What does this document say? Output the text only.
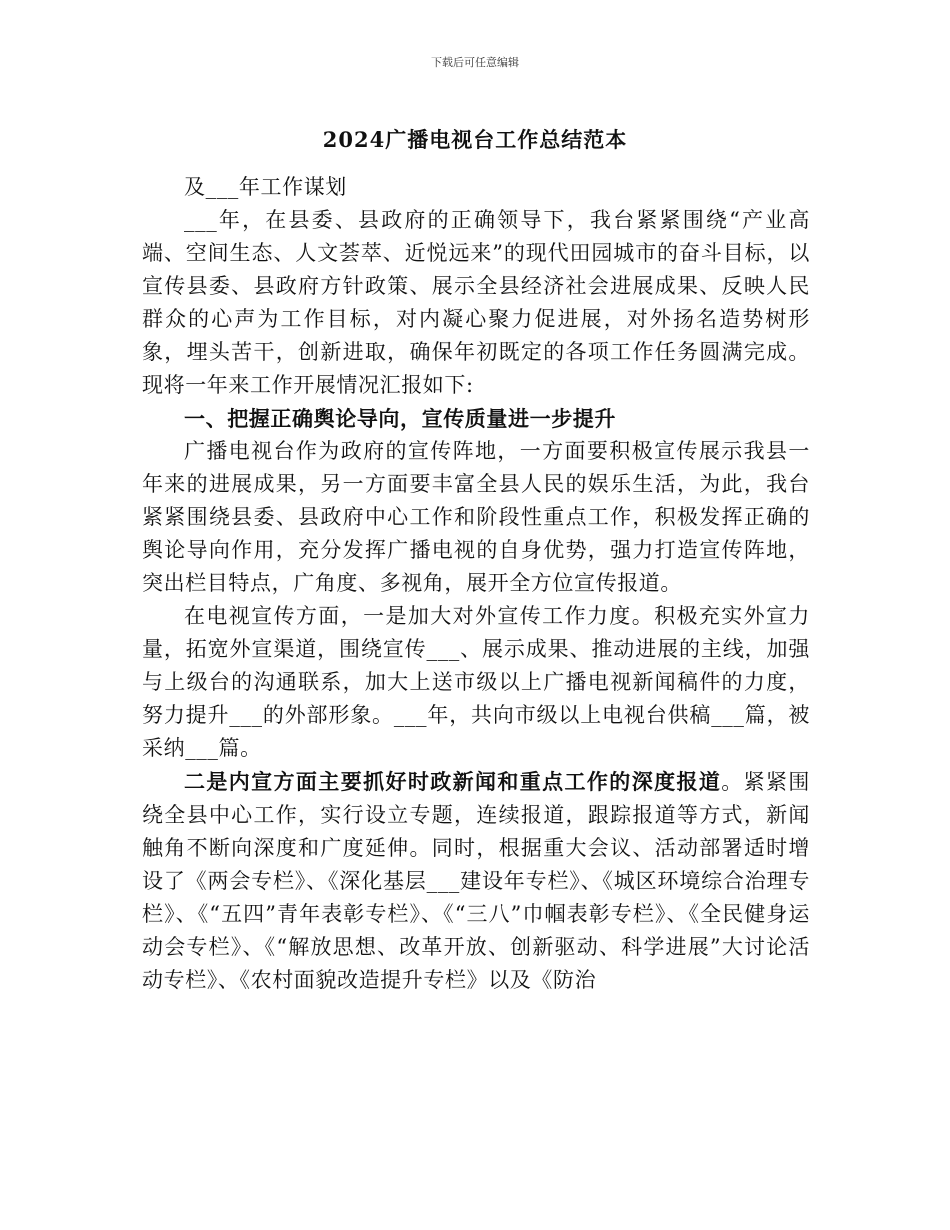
下载后可任意编辑
2024广播电视台工作总结范本

及___年工作谋划

___年，在县委、县政府的正确领导下，我台紧紧围绕“产业高端、空间生态、人文荟萃、近悦远来”的现代田园城市的奋斗目标，以宣传县委、县政府方针政策、展示全县经济社会进展成果、反映人民群众的心声为工作目标，对内凝心聚力促进展，对外扬名造势树形象，埋头苦干，创新进取，确保年初既定的各项工作任务圆满完成。现将一年来工作开展情况汇报如下:

一、把握正确舆论导向，宣传质量进一步提升

广播电视台作为政府的宣传阵地，一方面要积极宣传展示我县一年来的进展成果，另一方面要丰富全县人民的娱乐生活，为此，我台紧紧围绕县委、县政府中心工作和阶段性重点工作，积极发挥正确的舆论导向作用，充分发挥广播电视的自身优势，强力打造宣传阵地，突出栏目特点，广角度、多视角，展开全方位宣传报道。

在电视宣传方面，一是加大对外宣传工作力度。积极充实外宣力量，拓宽外宣渠道，围绕宣传___、展示成果、推动进展的主线，加强与上级台的沟通联系，加大上送市级以上广播电视新闻稿件的力度，努力提升___的外部形象。___年，共向市级以上电视台供稿___篇，被采纳___篇。

二是内宣方面主要抓好时政新闻和重点工作的深度报道。紧紧围绕全县中心工作，实行设立专题，连续报道，跟踪报道等方式，新闻触角不断向深度和广度延伸。同时，根据重大会议、活动部署适时增设了《两会专栏》、《深化基层___建设年专栏》、《城区环境综合治理专栏》、《“五四”青年表彰专栏》、《“三八”巾帼表彰专栏》、《全民健身运动会专栏》、《“解放思想、改革开放、创新驱动、科学进展”大讨论活动专栏》、《农村面貌改造提升专栏》以及《防治
